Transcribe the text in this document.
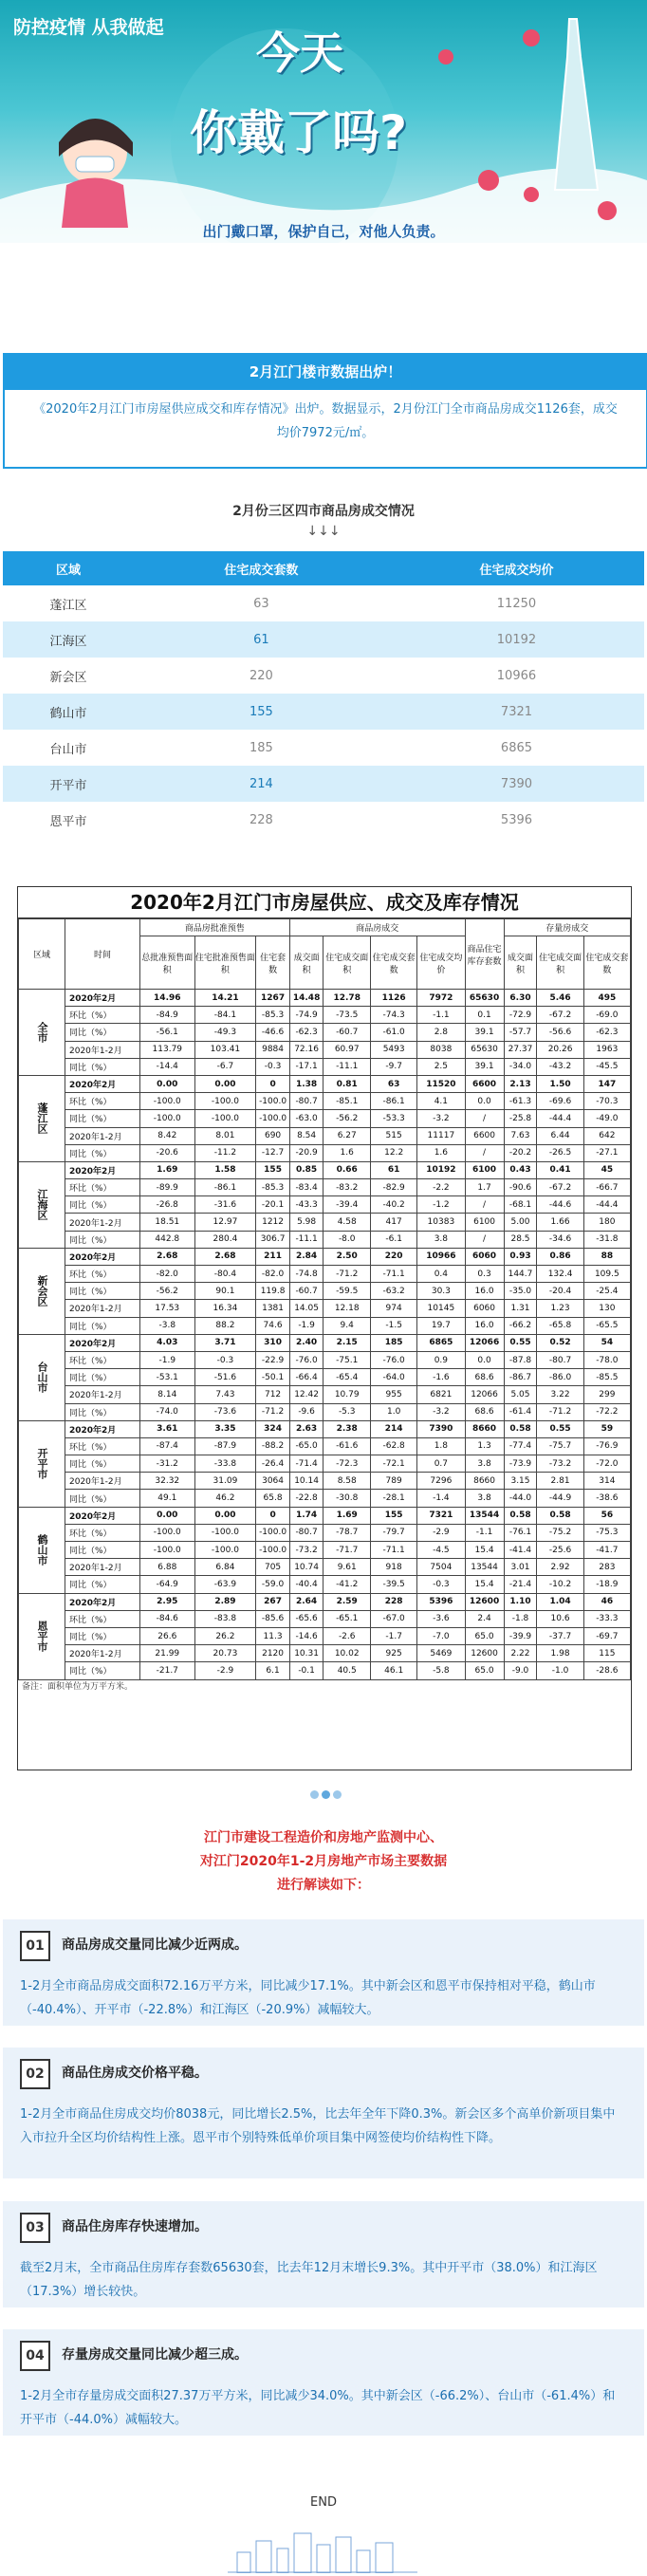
防控疫情 从我做起 今天
你戴了吗?
出门戴口罩，保护自己，对他人负责。
2月江门楼市数据出炉！
《2020年2月江门市房屋供应成交和库存情况》出炉。数据显示，2月份江门全市商品房成交1126套，成交均价7972元/㎡。
2月份三区四市商品房成交情况
↓↓↓
区域	住宅成交套数	住宅成交均价
蓬江区	63	11250
江海区	61	10192
新会区	220	10966
鹤山市	155	7321
台山市	185	6865
开平市	214	7390
恩平市	228	5396
2020年2月江门市房屋供应、成交及库存情况
区域	时间	商品房批准预售			商品房成交				商品住宅库存套数	存量房成交		
		总批准预售面积	住宅批准预售面积	住宅套数	成交面积	住宅成交面积	住宅成交套数	住宅成交均价		成交面积	住宅成交面积	住宅成交套数
全市	2020年2月	14.96	14.21	1267	14.48	12.78	1126	7972	65630	6.30	5.46	495
	环比（%）	-84.9	-84.1	-85.3	-74.9	-73.5	-74.3	-1.1	0.1	-72.9	-67.2	-69.0
	同比（%）	-56.1	-49.3	-46.6	-62.3	-60.7	-61.0	2.8	39.1	-57.7	-56.6	-62.3
	2020年1-2月	113.79	103.41	9884	72.16	60.97	5493	8038	65630	27.37	20.26	1963
	同比（%）	-14.4	-6.7	-0.3	-17.1	-11.1	-9.7	2.5	39.1	-34.0	-43.2	-45.5
蓬江区	2020年2月	0.00	0.00	0	1.38	0.81	63	11520	6600	2.13	1.50	147
	环比（%）	-100.0	-100.0	-100.0	-80.7	-85.1	-86.1	4.1	0.0	-61.3	-69.6	-70.3
	同比（%）	-100.0	-100.0	-100.0	-63.0	-56.2	-53.3	-3.2	/	-25.8	-44.4	-49.0
	2020年1-2月	8.42	8.01	690	8.54	6.27	515	11117	6600	7.63	6.44	642
	同比（%）	-20.6	-11.2	-12.7	-20.9	1.6	12.2	1.6	/	-20.2	-26.5	-27.1
江海区	2020年2月	1.69	1.58	155	0.85	0.66	61	10192	6100	0.43	0.41	45
	环比（%）	-89.9	-86.1	-85.3	-83.4	-83.2	-82.9	-2.2	1.7	-90.6	-67.2	-66.7
	同比（%）	-26.8	-31.6	-20.1	-43.3	-39.4	-40.2	-1.2	/	-68.1	-44.6	-44.4
	2020年1-2月	18.51	12.97	1212	5.98	4.58	417	10383	6100	5.00	1.66	180
	同比（%）	442.8	280.4	306.7	-11.1	-8.0	-6.1	3.8	/	28.5	-34.6	-31.8
新会区	2020年2月	2.68	2.68	211	2.84	2.50	220	10966	6060	0.93	0.86	88
	环比（%）	-82.0	-80.4	-82.0	-74.8	-71.2	-71.1	0.4	0.3	144.7	132.4	109.5
	同比（%）	-56.2	90.1	119.8	-60.7	-59.5	-63.2	30.3	16.0	-35.0	-20.4	-25.4
	2020年1-2月	17.53	16.34	1381	14.05	12.18	974	10145	6060	1.31	1.23	130
	同比（%）	-3.8	88.2	74.6	-1.9	9.4	-1.5	19.7	16.0	-66.2	-65.8	-65.5
台山市	2020年2月	4.03	3.71	310	2.40	2.15	185	6865	12066	0.55	0.52	54
	环比（%）	-1.9	-0.3	-22.9	-76.0	-75.1	-76.0	0.9	0.0	-87.8	-80.7	-78.0
	同比（%）	-53.1	-51.6	-50.1	-66.4	-65.4	-64.0	-1.6	68.6	-86.7	-86.0	-85.5
	2020年1-2月	8.14	7.43	712	12.42	10.79	955	6821	12066	5.05	3.22	299
	同比（%）	-74.0	-73.6	-71.2	-9.6	-5.3	1.0	-3.2	68.6	-61.4	-71.2	-72.2
开平市	2020年2月	3.61	3.35	324	2.63	2.38	214	7390	8660	0.58	0.55	59
	环比（%）	-87.4	-87.9	-88.2	-65.0	-61.6	-62.8	1.8	1.3	-77.4	-75.7	-76.9
	同比（%）	-31.2	-33.8	-26.4	-71.4	-72.3	-72.1	0.7	3.8	-73.9	-73.2	-72.0
	2020年1-2月	32.32	31.09	3064	10.14	8.58	789	7296	8660	3.15	2.81	314
	同比（%）	49.1	46.2	65.8	-22.8	-30.8	-28.1	-1.4	3.8	-44.0	-44.9	-38.6
鹤山市	2020年2月	0.00	0.00	0	1.74	1.69	155	7321	13544	0.58	0.58	56
	环比（%）	-100.0	-100.0	-100.0	-80.7	-78.7	-79.7	-2.9	-1.1	-76.1	-75.2	-75.3
	同比（%）	-100.0	-100.0	-100.0	-73.2	-71.7	-71.1	-4.5	15.4	-41.4	-25.6	-41.7
	2020年1-2月	6.88	6.84	705	10.74	9.61	918	7504	13544	3.01	2.92	283
	同比（%）	-64.9	-63.9	-59.0	-40.4	-41.2	-39.5	-0.3	15.4	-21.4	-10.2	-18.9
恩平市	2020年2月	2.95	2.89	267	2.64	2.59	228	5396	12600	1.10	1.04	46
	环比（%）	-84.6	-83.8	-85.6	-65.6	-65.1	-67.0	-3.6	2.4	-1.8	10.6	-33.3
	同比（%）	26.6	26.2	11.3	-14.6	-2.6	-1.7	-7.0	65.0	-39.9	-37.7	-69.7
	2020年1-2月	21.99	20.73	2120	10.31	10.02	925	5469	12600	2.22	1.98	115
	同比（%）	-21.7	-2.9	6.1	-0.1	40.5	46.1	-5.8	65.0	-9.0	-1.0	-28.6
备注：面积单位为万平方米。
江门市建设工程造价和房地产监测中心、
对江门2020年1-2月房地产市场主要数据
进行解读如下：
01	商品房成交量同比减少近两成。
1-2月全市商品房成交面积72.16万平方米，同比减少17.1%。其中新会区和恩平市保持相对平稳，鹤山市（-40.4%）、开平市（-22.8%）和江海区（-20.9%）减幅较大。
02	商品住房成交价格平稳。
1-2月全市商品住房成交均价8038元，同比增长2.5%，比去年全年下降0.3%。新会区多个高单价新项目集中入市拉升全区均价结构性上涨。恩平市个别特殊低单价项目集中网签使均价结构性下降。
03	商品住房库存快速增加。
截至2月末，全市商品住房库存套数65630套，比去年12月末增长9.3%。其中开平市（38.0%）和江海区（17.3%）增长较快。
04	存量房成交量同比减少超三成。
1-2月全市存量房成交面积27.37万平方米，同比减少34.0%。其中新会区（-66.2%）、台山市（-61.4%）和开平市（-44.0%）减幅较大。
END
